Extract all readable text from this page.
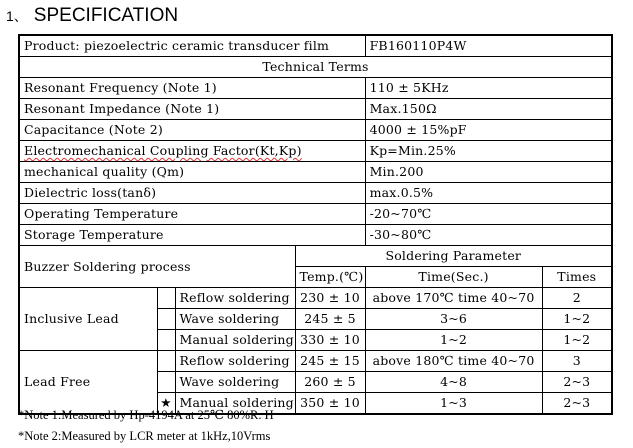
1、 SPECIFICATION
Product: piezoelectric ceramic transducer film				FB160110P4W	
Technical Terms					
Resonant Frequency (Note 1)				110 ± 5KHz	
Resonant Impedance (Note 1)				Max.150Ω	
Capacitance (Note 2)				4000 ± 15%pF	
Electromechanical Coupling Factor(Kt,Kp)				Kp=Min.25%	
mechanical quality (Qm)				Min.200	
Dielectric loss(tanδ)				max.0.5%	
Operating Temperature				-20~70℃	
Storage Temperature				-30~80℃	
Buzzer Soldering process			Soldering Parameter		
			Temp.(℃)	Time(Sec.)	Times
Inclusive Lead		Reflow soldering	230 ± 10	above 170℃ time 40~70	2
		Wave soldering	245 ± 5	3~6	1~2
		Manual soldering	330 ± 10	1~2	1~2
Lead Free		Reflow soldering	245 ± 15	above 180℃ time 40~70	3
		Wave soldering	260 ± 5	4~8	2~3
	★	Manual soldering	350 ± 10	1~3	2~3
*Note 1:Measured by Hp-4194A at 25℃ 80%R. H
*Note 2:Measured by LCR meter at 1kHz,10Vrms
